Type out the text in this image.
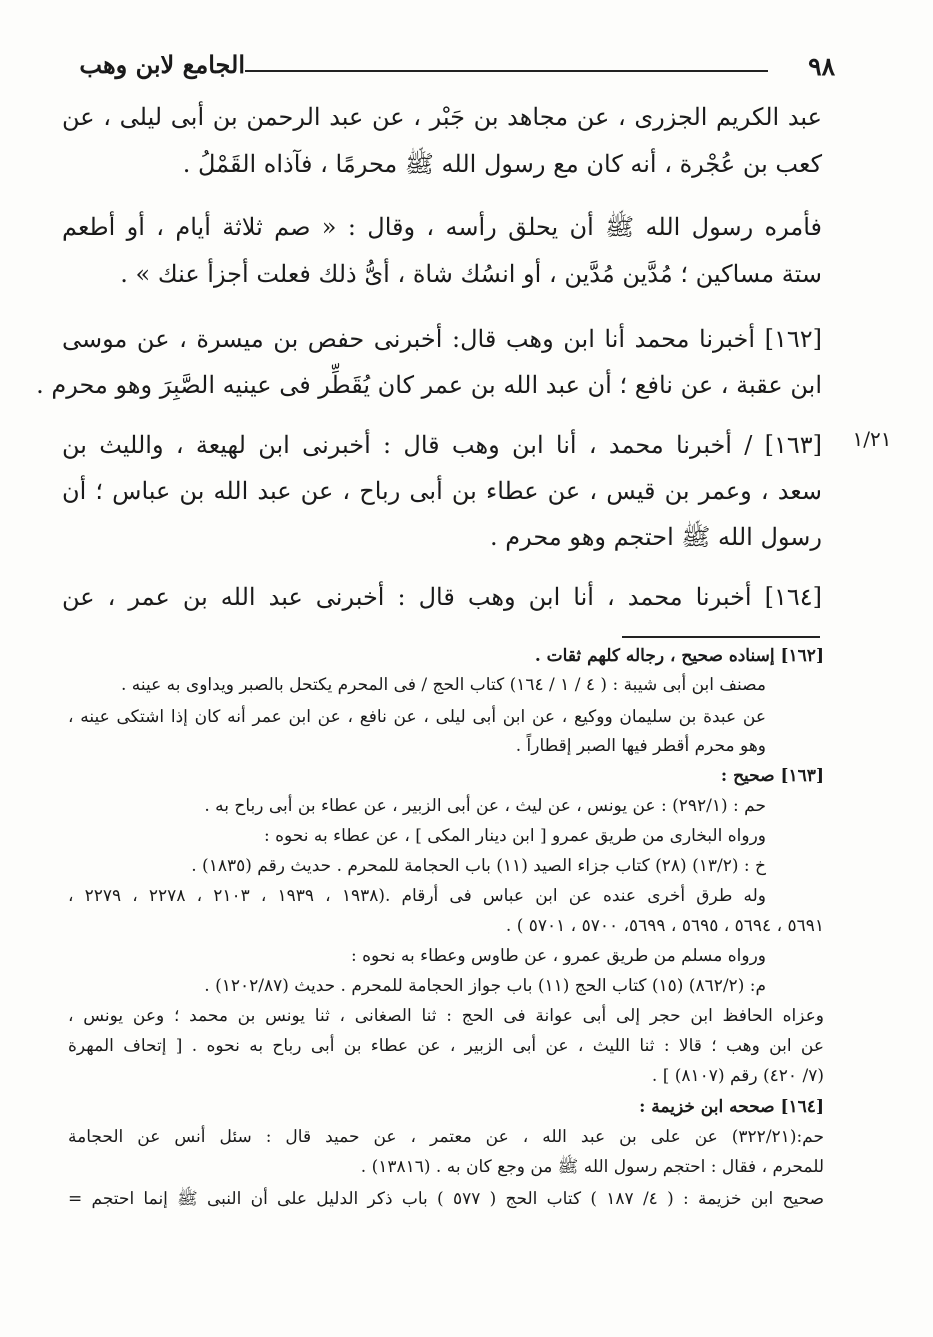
٩٨
الجامع لابن وهب
١/٢١
عبد الكريم الجزرى ، عن مجاهد بن جَبْر ، عن عبد الرحمن بن أبى ليلى ، عن
كعب بن عُجْرة ، أنه كان مع رسول الله ﷺ محرمًا ، فآذاه القَمْلُ .
فأمره رسول الله ﷺ أن يحلق رأسه ، وقال : « صم ثلاثة أيام ، أو أطعم
ستة مساكين ؛ مُدَّين مُدَّين ، أو انسُك شاة ، أىُّ ذلك فعلت أجزأ عنك » .
[١٦٢] أخبرنا محمد أنا ابن وهب قال: أخبرنى حفص بن ميسرة ، عن موسى
ابن عقبة ، عن نافع ؛ أن عبد الله بن عمر كان يُقَطِّر فى عينيه الصَّبِرَ وهو محرم .
[١٦٣] / أخبرنا محمد ، أنا ابن وهب قال : أخبرنى ابن لهيعة ، والليث بن
سعد ، وعمر بن قيس ، عن عطاء بن أبى رباح ، عن عبد الله بن عباس ؛ أن
رسول الله ﷺ احتجم وهو محرم .
[١٦٤] أخبرنا محمد ، أنا ابن وهب قال : أخبرنى عبد الله بن عمر ، عن
[١٦٢] إسناده صحيح ، رجاله كلهم ثقات .
مصنف ابن أبى شيبة : ( ٤ / ١ / ١٦٤) كتاب الحج / فى المحرم يكتحل بالصبر ويداوى به عينه .
عن عبدة بن سليمان ووكيع ، عن ابن أبى ليلى ، عن نافع ، عن ابن عمر أنه كان إذا اشتكى عينه ،
وهو محرم أقطر فيها الصبر إقطاراً .
[١٦٣] صحيح :
حم : (٢٩٢/١) : عن يونس ، عن ليث ، عن أبى الزبير ، عن عطاء بن أبى رباح به .
ورواه البخارى من طريق عمرو [ ابن دينار المكى ] ، عن عطاء به نحوه :
خ : (١٣/٢) (٢٨) كتاب جزاء الصيد (١١) باب الحجامة للمحرم . حديث رقم (١٨٣٥) .
وله طرق أخرى عنده عن ابن عباس فى أرقام .(١٩٣٨ ، ١٩٣٩ ، ٢١٠٣ ، ٢٢٧٨ ، ٢٢٧٩ ،
٥٦٩١ ، ٥٦٩٤ ، ٥٦٩٥ ، ٥٦٩٩، ٥٧٠٠ ، ٥٧٠١ ) .
ورواه مسلم من طريق عمرو ، عن طاوس وعطاء به نحوه :
م: (٨٦٢/٢) (١٥) كتاب الحج (١١) باب جواز الحجامة للمحرم . حديث (١٢٠٢/٨٧) .
وعزاه الحافظ ابن حجر إلى أبى عوانة فى الحج : ثنا الصغانى ، ثنا يونس بن محمد ؛ وعن يونس ،
عن ابن وهب ؛ قالا : ثنا الليث ، عن أبى الزبير ، عن عطاء بن أبى رباح به نحوه . [ إتحاف المهرة
(٧/ ٤٢٠) رقم (٨١٠٧) ] .
[١٦٤] صححه ابن خزيمة :
حم:(٣٢٢/٢١) عن على بن عبد الله ، عن معتمر ، عن حميد قال : سئل أنس عن الحجامة
للمحرم ، فقال : احتجم رسول الله ﷺ من وجع كان به . (١٣٨١٦) .
صحيح ابن خزيمة : ( ٤/ ١٨٧ ) كتاب الحج ( ٥٧٧ ) باب ذكر الدليل على أن النبى ﷺ إنما احتجم =
